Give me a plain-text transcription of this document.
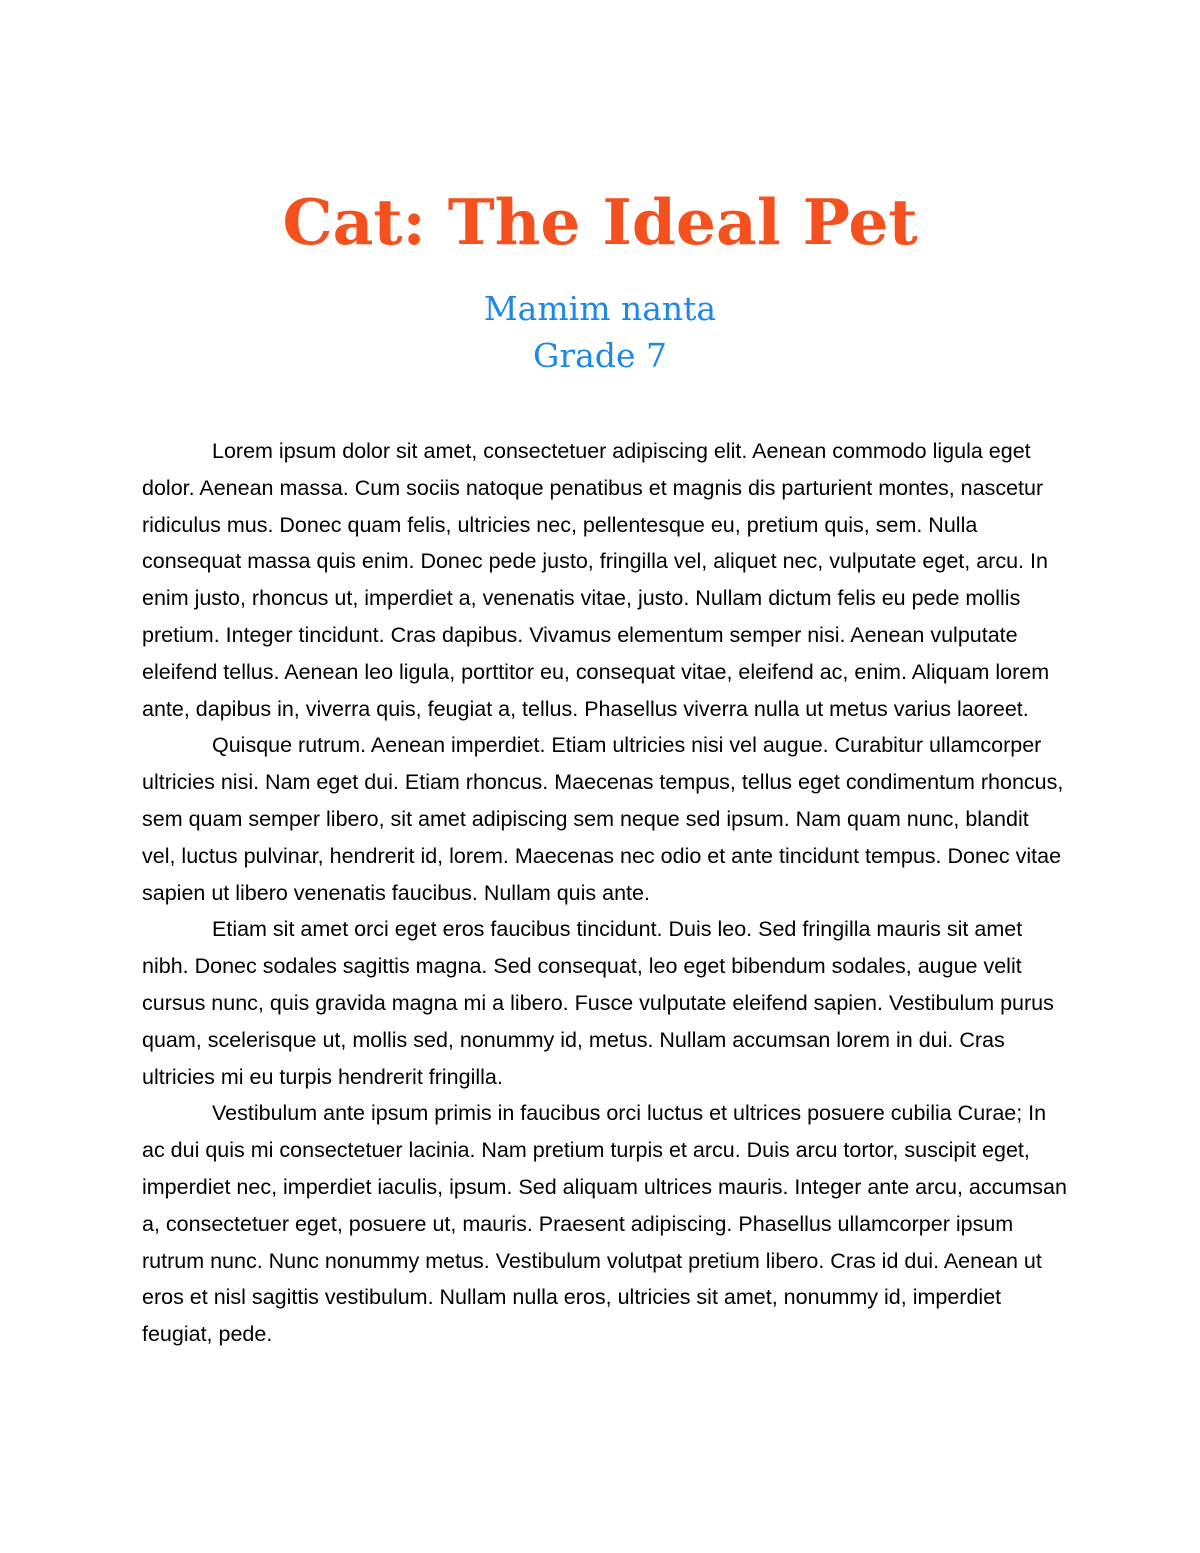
Cat: The Ideal Pet
Mamim nanta
Grade 7

Lorem ipsum dolor sit amet, consectetuer adipiscing elit. Aenean commodo ligula eget dolor. Aenean massa. Cum sociis natoque penatibus et magnis dis parturient montes, nascetur ridiculus mus. Donec quam felis, ultricies nec, pellentesque eu, pretium quis, sem. Nulla consequat massa quis enim. Donec pede justo, fringilla vel, aliquet nec, vulputate eget, arcu. In enim justo, rhoncus ut, imperdiet a, venenatis vitae, justo. Nullam dictum felis eu pede mollis pretium. Integer tincidunt. Cras dapibus. Vivamus elementum semper nisi. Aenean vulputate eleifend tellus. Aenean leo ligula, porttitor eu, consequat vitae, eleifend ac, enim. Aliquam lorem ante, dapibus in, viverra quis, feugiat a, tellus. Phasellus viverra nulla ut metus varius laoreet.

Quisque rutrum. Aenean imperdiet. Etiam ultricies nisi vel augue. Curabitur ullamcorper ultricies nisi. Nam eget dui. Etiam rhoncus. Maecenas tempus, tellus eget condimentum rhoncus, sem quam semper libero, sit amet adipiscing sem neque sed ipsum. Nam quam nunc, blandit vel, luctus pulvinar, hendrerit id, lorem. Maecenas nec odio et ante tincidunt tempus. Donec vitae sapien ut libero venenatis faucibus. Nullam quis ante.

Etiam sit amet orci eget eros faucibus tincidunt. Duis leo. Sed fringilla mauris sit amet nibh. Donec sodales sagittis magna. Sed consequat, leo eget bibendum sodales, augue velit cursus nunc, quis gravida magna mi a libero. Fusce vulputate eleifend sapien. Vestibulum purus quam, scelerisque ut, mollis sed, nonummy id, metus. Nullam accumsan lorem in dui. Cras ultricies mi eu turpis hendrerit fringilla.

Vestibulum ante ipsum primis in faucibus orci luctus et ultrices posuere cubilia Curae; In ac dui quis mi consectetuer lacinia. Nam pretium turpis et arcu. Duis arcu tortor, suscipit eget, imperdiet nec, imperdiet iaculis, ipsum. Sed aliquam ultrices mauris. Integer ante arcu, accumsan a, consectetuer eget, posuere ut, mauris. Praesent adipiscing. Phasellus ullamcorper ipsum rutrum nunc. Nunc nonummy metus. Vestibulum volutpat pretium libero. Cras id dui. Aenean ut eros et nisl sagittis vestibulum. Nullam nulla eros, ultricies sit amet, nonummy id, imperdiet feugiat, pede.
